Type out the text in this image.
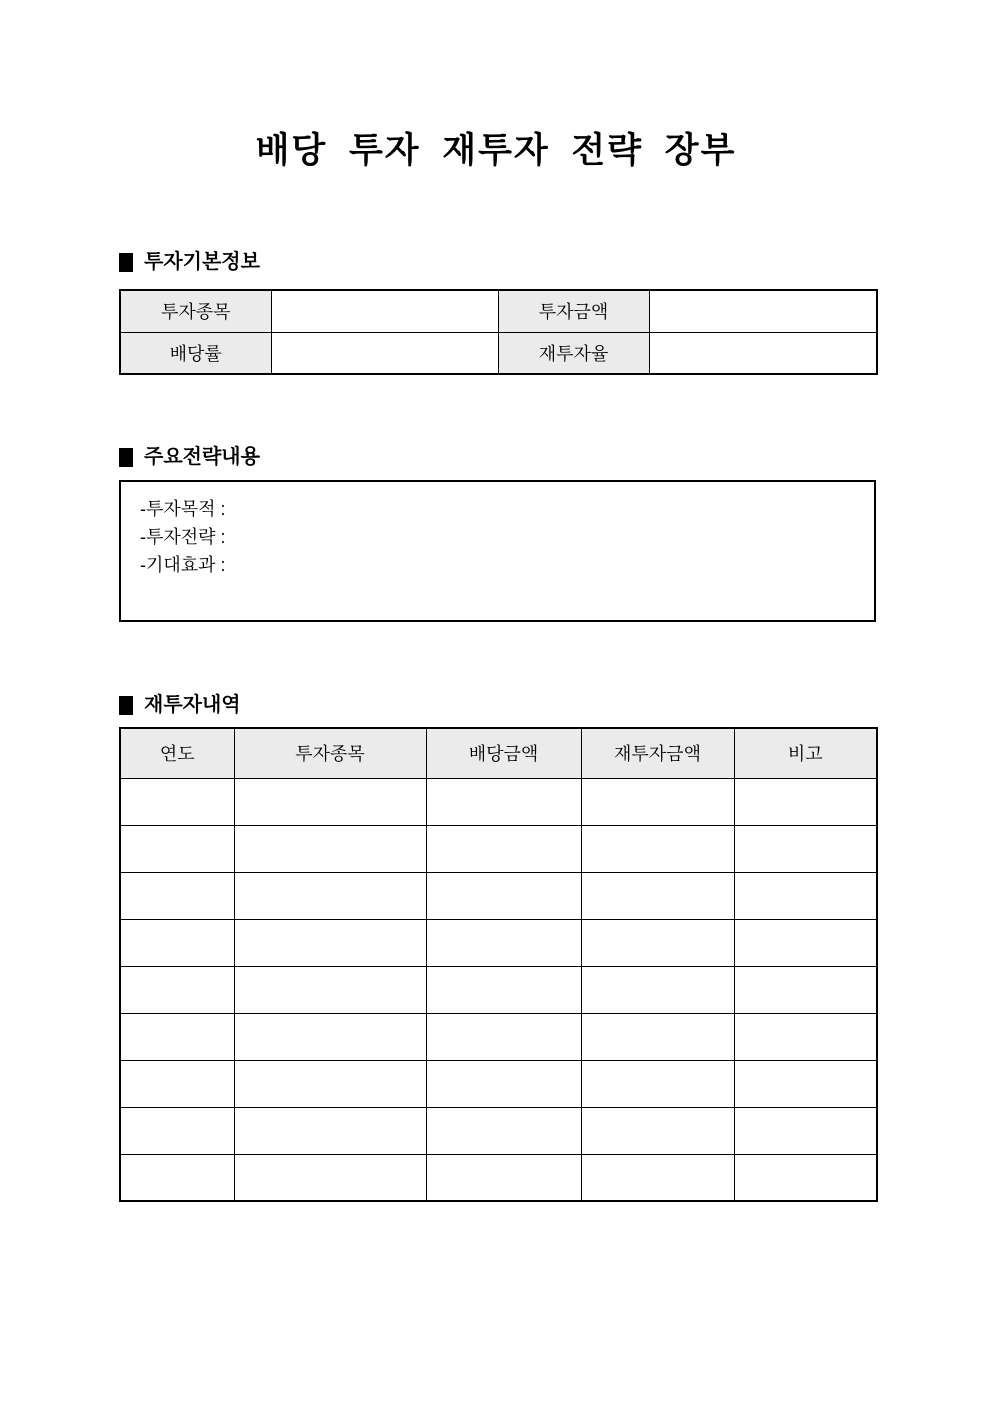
배당 투자 재투자 전략 장부
투자기본정보
투자종목		투자금액	
배당률		재투자율	
주요전략내용
-투자목적 :
-투자전략 :
-기대효과 :
재투자내역
연도	투자종목	배당금액	재투자금액	비고
